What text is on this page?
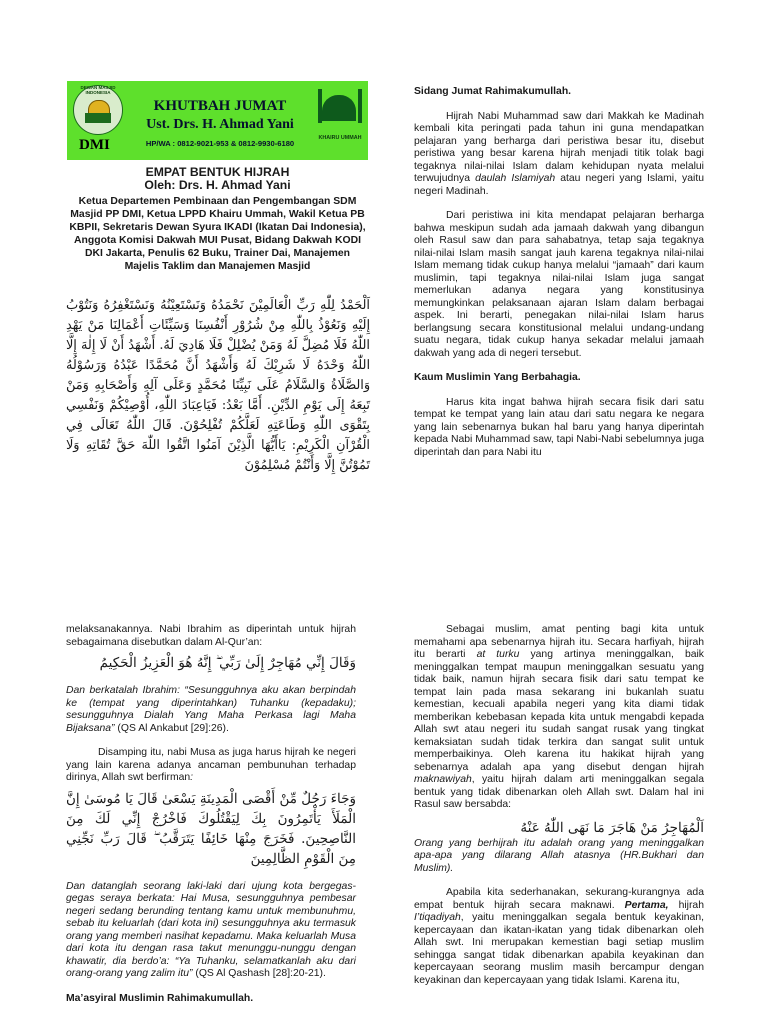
DEWAN MASJID INDONESIA
DMI
KHUTBAH JUMAT
Ust. Drs. H. Ahmad Yani
HP/WA : 0812-9021-953 & 0812-9930-6180
KHAIRU UMMAH
EMPAT BENTUK HIJRAH
Oleh: Drs. H. Ahmad Yani
Ketua Departemen Pembinaan dan Pengembangan SDM Masjid PP DMI, Ketua LPPD Khairu Ummah, Wakil Ketua PB KBPII, Sekretaris Dewan Syura IKADI (Ikatan Dai Indonesia), Anggota Komisi Dakwah MUI Pusat, Bidang Dakwah KODI DKI Jakarta, Penulis 62 Buku, Trainer Dai, Manajemen Majelis Taklim dan Manajemen Masjid
اَلْحَمْدُ لِلّٰهِ رَبِّ الْعَالَمِيْنَ نَحْمَدُهُ وَنَسْتَعِيْنُهُ وَنَسْتَغْفِرُهُ وَنَتُوْبُ إِلَيْهِ وَنَعُوْذُ بِاللّٰهِ مِنْ شُرُوْرِ أَنْفُسِنَا وَسَيِّئَاتِ أَعْمَالِنَا مَنْ يَهْدِ اللّٰهُ فَلَا مُضِلَّ لَهُ وَمَنْ يُضْلِلْ فَلَا هَادِيَ لَهُ. أَشْهَدُ أَنْ لَا إِلٰهَ إِلَّا اللّٰهُ وَحْدَهُ لَا شَرِيْكَ لَهُ وَأَشْهَدُ أَنَّ مُحَمَّدًا عَبْدُهُ وَرَسُوْلُهُ وَالصَّلَاةُ وَالسَّلَامُ عَلَى نَبِيِّنَا مُحَمَّدٍ وَعَلَى آلِهِ وَأَصْحَابِهِ وَمَنْ تَبِعَهُ إِلَى يَوْمِ الدِّيْنِ. أَمَّا بَعْدُ: فَيَاعِبَادَ اللّٰهِ، أُوْصِيْكُمْ وَنَفْسِي بِتَقْوَى اللّٰهِ وَطَاعَتِهِ لَعَلَّكُمْ تُفْلِحُوْنَ. قَالَ اللّٰهُ تَعَالَى فِي الْقُرْآنِ الْكَرِيْمِ: يَاأَيُّهَا الَّذِيْنَ آمَنُوا اتَّقُوا اللّٰهَ حَقَّ تُقَاتِهِ وَلَا تَمُوْتُنَّ إِلَّا وَأَنْتُمْ مُسْلِمُوْنَ

Sidang Jumat Rahimakumullah.

Hijrah Nabi Muhammad saw dari Makkah ke Madinah kembali kita peringati pada tahun ini guna mendapatkan pelajaran yang berharga dari peristiwa besar itu, disebut peristiwa yang besar karena hijrah menjadi titik tolak bagi tegaknya nilai-nilai Islam dalam kehidupan nyata melalui terwujudnya daulah Islamiyah atau negeri yang Islami, yaitu negeri Madinah.

Dari peristiwa ini kita mendapat pelajaran berharga bahwa meskipun sudah ada jamaah dakwah yang dibangun oleh Rasul saw dan para sahabatnya, tetap saja tegaknya nilai-nilai Islam masih sangat jauh karena tegaknya nilai-nilai Islam memang tidak cukup hanya melalui “jamaah” dari kaum muslimin, tapi tegaknya nilai-nilai Islam juga sangat memerlukan adanya negara yang konstitusinya memungkinkan pelaksanaan ajaran Islam dalam berbagai aspek. Ini berarti, penegakan nilai-nilai Islam harus berlangsung secara konstitusional melalui undang-undang suatu negara, tidak cukup hanya sekadar melalui jamaah dakwah yang ada di negeri tersebut.

Kaum Muslimin Yang Berbahagia.

Harus kita ingat bahwa hijrah secara fisik dari satu tempat ke tempat yang lain atau dari satu negara ke negara yang lain sebenarnya bukan hal baru yang hanya diperintah kepada Nabi Muhammad saw, tapi Nabi-Nabi sebelumnya juga diperintah dan para Nabi itu

melaksanakannya. Nabi Ibrahim as diperintah untuk hijrah sebagaimana disebutkan dalam Al-Qur’an:

وَقَالَ إِنِّي مُهَاجِرٌ إِلَىٰ رَبِّي ۖ إِنَّهُ هُوَ الْعَزِيزُ الْحَكِيمُ

Dan berkatalah Ibrahim: “Sesungguhnya aku akan berpindah ke (tempat yang diperintahkan) Tuhanku (kepadaku); sesungguhnya Dialah Yang Maha Perkasa lagi Maha Bijaksana” (QS Al Ankabut [29]:26).

Disamping itu, nabi Musa as juga harus hijrah ke negeri yang lain karena adanya ancaman pembunuhan terhadap dirinya, Allah swt berfirman:

وَجَاءَ رَجُلٌ مِّنْ أَقْصَى الْمَدِينَةِ يَسْعَىٰ قَالَ يَا مُوسَىٰ إِنَّ الْمَلَأَ يَأْتَمِرُونَ بِكَ لِيَقْتُلُوكَ فَاخْرُجْ إِنِّي لَكَ مِنَ النَّاصِحِينَ. فَخَرَجَ مِنْهَا خَائِفًا يَتَرَقَّبُ ۖ قَالَ رَبِّ نَجِّنِي مِنَ الْقَوْمِ الظَّالِمِينَ

Dan datanglah seorang laki-laki dari ujung kota bergegas-gegas seraya berkata: Hai Musa, sesungguhnya pembesar negeri sedang berunding tentang kamu untuk membunuhmu, sebab itu keluarlah (dari kota ini) sesungguhnya aku termasuk orang yang memberi nasihat kepadamu. Maka keluarlah Musa dari kota itu dengan rasa takut menunggu-nunggu dengan khawatir, dia berdo’a: “Ya Tuhanku, selamatkanlah aku dari orang-orang yang zalim itu” (QS Al Qashash [28]:20-21).

Ma’asyiral Muslimin Rahimakumullah.

Sebagai muslim, amat penting bagi kita untuk memahami apa sebenarnya hijrah itu. Secara harfiyah, hijrah itu berarti at turku yang artinya meninggalkan, baik meninggalkan tempat maupun meninggalkan sesuatu yang tidak baik, namun hijrah secara fisik dari satu tempat ke tempat lain pada masa sekarang ini bukanlah suatu kemestian, kecuali apabila negeri yang kita diami tidak memberikan kebebasan kepada kita untuk mengabdi kepada Allah swt atau negeri itu sudah sangat rusak yang tingkat kemaksiatan sudah tidak terkira dan sangat sulit untuk memperbaikinya. Oleh karena itu hakikat hijrah yang sebenarnya adalah apa yang disebut dengan hijrah maknawiyah, yaitu hijrah dalam arti meninggalkan segala bentuk yang tidak dibenarkan oleh Allah swt. Dalam hal ini Rasul saw bersabda:

اَلْمُهَاجِرُ مَنْ هَاجَرَ مَا نَهَى اللّٰهُ عَنْهُ

Orang yang berhijrah itu adalah orang yang meninggalkan apa-apa yang dilarang Allah atasnya (HR.Bukhari dan Muslim).

Apabila kita sederhanakan, sekurang-kurangnya ada empat bentuk hijrah secara maknawi. Pertama, hijrah I’tiqadiyah, yaitu meninggalkan segala bentuk keyakinan, kepercayaan dan ikatan-ikatan yang tidak dibenarkan oleh Allah swt. Ini merupakan kemestian bagi setiap muslim sehingga sangat tidak dibenarkan apabila keyakinan dan kepercayaan seorang muslim masih bercampur dengan keyakinan dan kepercayaan yang tidak Islami. Karena itu,
